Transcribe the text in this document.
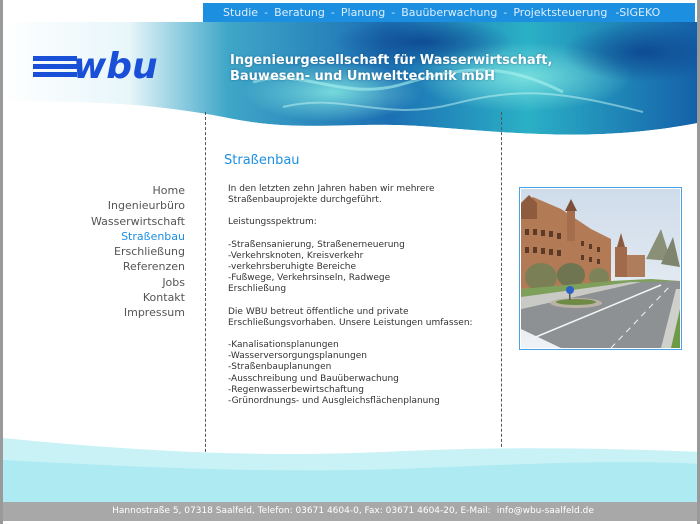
Studie - Beratung - Planung - Bauüberwachung - Projektsteuerung -SIGEKO
wbu	Ingenieurgesellschaft für Wasserwirtschaft,
Bauwesen- und Umwelttechnik mbH
Home
Ingenieurbüro
Wasserwirtschaft
Straßenbau
Erschließung
Referenzen
Jobs
Kontakt
Impressum
Straßenbau

In den letzten zehn Jahren haben wir mehrere
Straßenbauprojekte durchgeführt.

Leistungsspektrum:

-Straßensanierung, Straßenerneuerung
-Verkehrsknoten, Kreisverkehr
-verkehrsberuhigte Bereiche
-Fußwege, Verkehrsinseln, Radwege
Erschließung

Die WBU betreut öffentliche und private
Erschließungsvorhaben. Unsere Leistungen umfassen:

-Kanalisationsplanungen
-Wasserversorgungsplanungen
-Straßenbauplanungen
-Ausschreibung und Bauüberwachung
-Regenwasserbewirtschaftung
-Grünordnungs- und Ausgleichsflächenplanung

Hannostraße 5, 07318 Saalfeld, Telefon: 03671 4604-0, Fax: 03671 4604-20, E-Mail: info@wbu-saalfeld.de
